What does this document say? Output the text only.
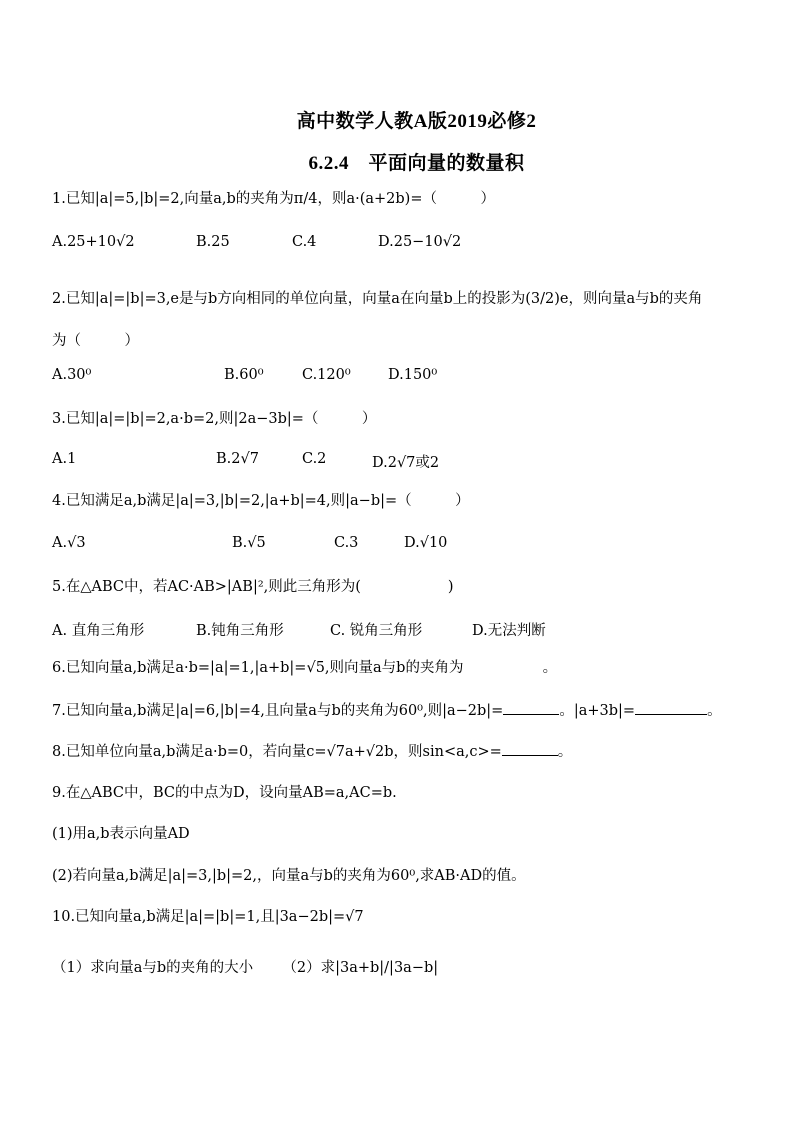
高中数学人教A版2019必修2
6.2.4　平面向量的数量积
1.已知|a|=5,|b|=2,向量a,b的夹角为π/4，则a·(a+2b)=（　　　）
A.25+10√2	B.25	C.4	D.25−10√2
2.已知|a|=|b|=3,e是与b方向相同的单位向量，向量a在向量b上的投影为(3/2)e，则向量a与b的夹角
为（　　　）
A.30⁰	B.60⁰	C.120⁰	D.150⁰
3.已知|a|=|b|=2,a·b=2,则|2a−3b|=（　　　）
A.1	B.2√7	C.2	D.2√7或2
4.已知满足a,b满足|a|=3,|b|=2,|a+b|=4,则|a−b|=（　　　）
A.√3	B.√5	C.3	D.√10
5.在△ABC中，若AC·AB>|AB|²,则此三角形为(　　　　　　)
A. 直角三角形	B.钝角三角形	C. 锐角三角形	D.无法判断
6.已知向量a,b满足a·b=|a|=1,|a+b|=√5,则向量a与b的夹角为	。
7.已知向量a,b满足|a|=6,|b|=4,且向量a与b的夹角为60⁰,则|a−2b|=	。|a+3b|=	。
8.已知单位向量a,b满足a·b=0，若向量c=√7a+√2b，则sin<a,c>=	。
9.在△ABC中，BC的中点为D，设向量AB=a,AC=b.
(1)用a,b表示向量AD
(2)若向量a,b满足|a|=3,|b|=2,，向量a与b的夹角为60⁰,求AB·AD的值。
10.已知向量a,b满足|a|=|b|=1,且|3a−2b|=√7
（1）求向量a与b的夹角的大小 （2）求|3a+b|/|3a−b|
